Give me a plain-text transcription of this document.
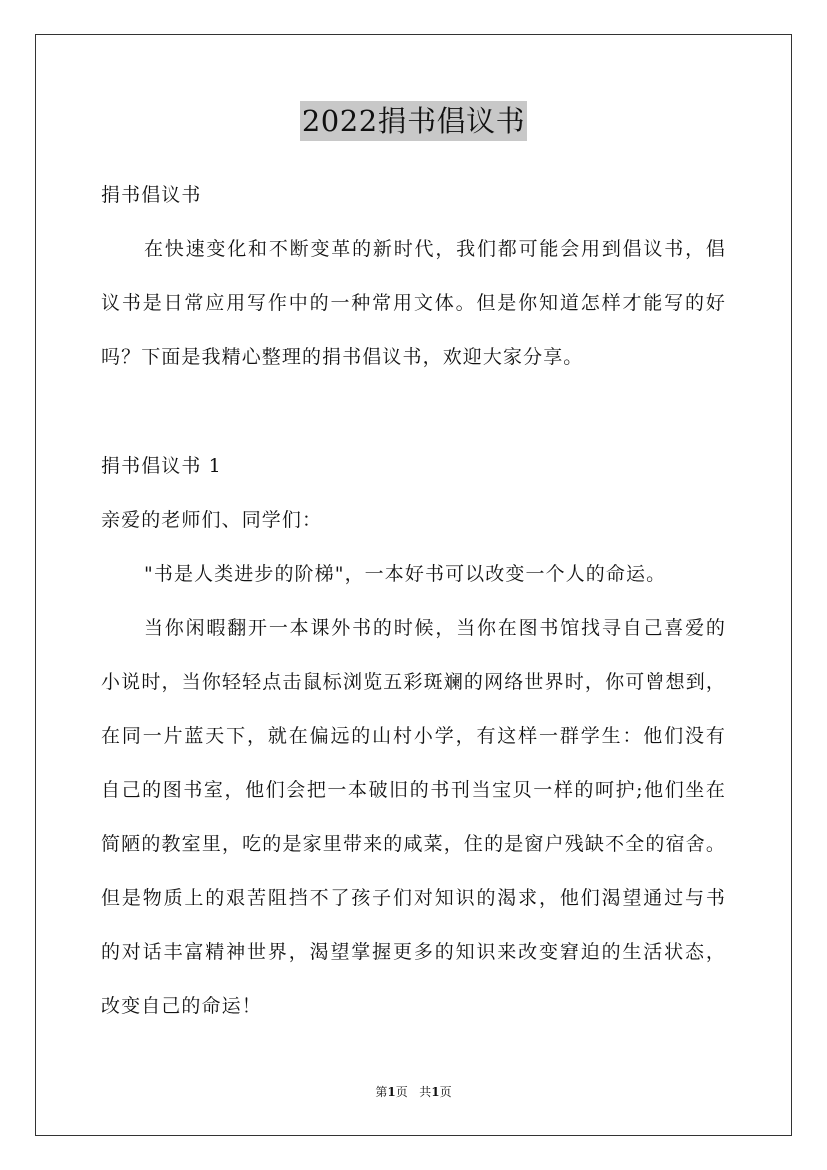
2022捐书倡议书
捐书倡议书
在快速变化和不断变革的新时代，我们都可能会用到倡议书，倡
议书是日常应用写作中的一种常用文体。但是你知道怎样才能写的好
吗？下面是我精心整理的捐书倡议书，欢迎大家分享。
捐书倡议书 1
亲爱的老师们、同学们：
"书是人类进步的阶梯"，一本好书可以改变一个人的命运。
当你闲暇翻开一本课外书的时候，当你在图书馆找寻自己喜爱的
小说时，当你轻轻点击鼠标浏览五彩斑斓的网络世界时，你可曾想到，
在同一片蓝天下，就在偏远的山村小学，有这样一群学生：他们没有
自己的图书室，他们会把一本破旧的书刊当宝贝一样的呵护;他们坐在
简陋的教室里，吃的是家里带来的咸菜，住的是窗户残缺不全的宿舍。
但是物质上的艰苦阻挡不了孩子们对知识的渴求，他们渴望通过与书
的对话丰富精神世界，渴望掌握更多的知识来改变窘迫的生活状态，
改变自己的命运！
第1页 共1页
